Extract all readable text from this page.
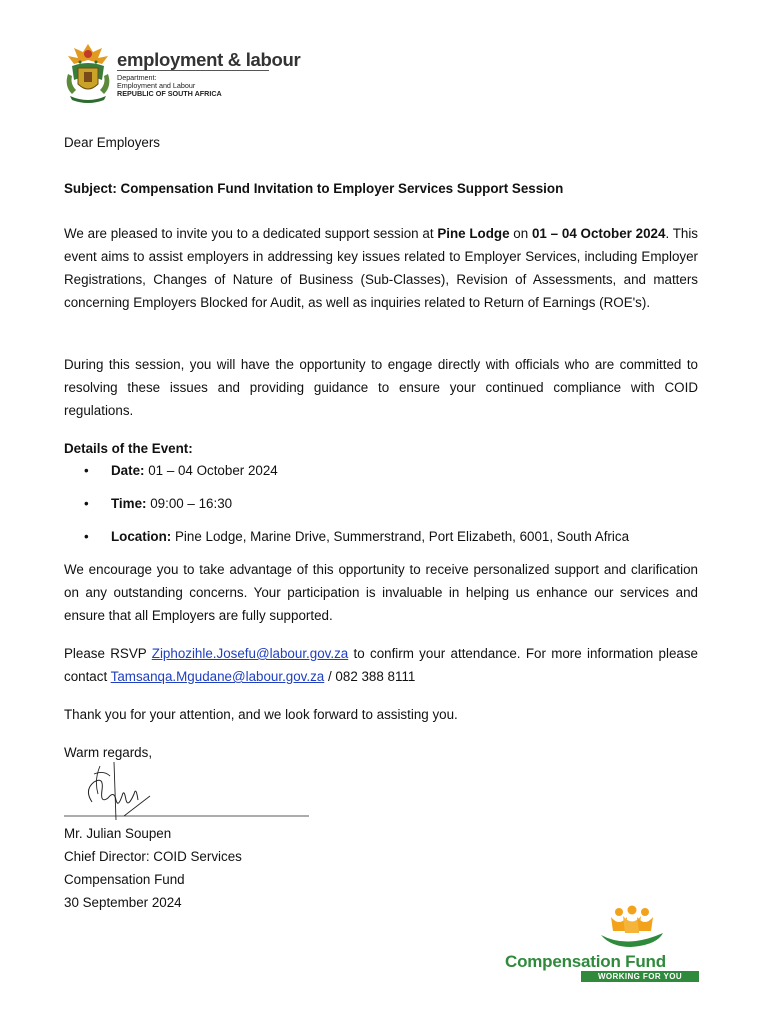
employment & labour
Department:
Employment and Labour
REPUBLIC OF SOUTH AFRICA
Dear Employers
Subject: Compensation Fund Invitation to Employer Services Support Session
We are pleased to invite you to a dedicated support session at Pine Lodge on 01 – 04 October 2024. This event aims to assist employers in addressing key issues related to Employer Services, including Employer Registrations, Changes of Nature of Business (Sub-Classes), Revision of Assessments, and matters concerning Employers Blocked for Audit, as well as inquiries related to Return of Earnings (ROE's).
During this session, you will have the opportunity to engage directly with officials who are committed to resolving these issues and providing guidance to ensure your continued compliance with COID regulations.
Details of the Event:
• Date: 01 – 04 October 2024
• Time: 09:00 – 16:30
• Location: Pine Lodge, Marine Drive, Summerstrand, Port Elizabeth, 6001, South Africa
We encourage you to take advantage of this opportunity to receive personalized support and clarification on any outstanding concerns. Your participation is invaluable in helping us enhance our services and ensure that all Employers are fully supported.
Please RSVP Ziphozihle.Josefu@labour.gov.za to confirm your attendance. For more information please contact Tamsanqa.Mgudane@labour.gov.za / 082 388 8111
Thank you for your attention, and we look forward to assisting you.
Warm regards,
Mr. Julian Soupen
Chief Director: COID Services
Compensation Fund
30 September 2024
Compensation Fund
WORKING FOR YOU
